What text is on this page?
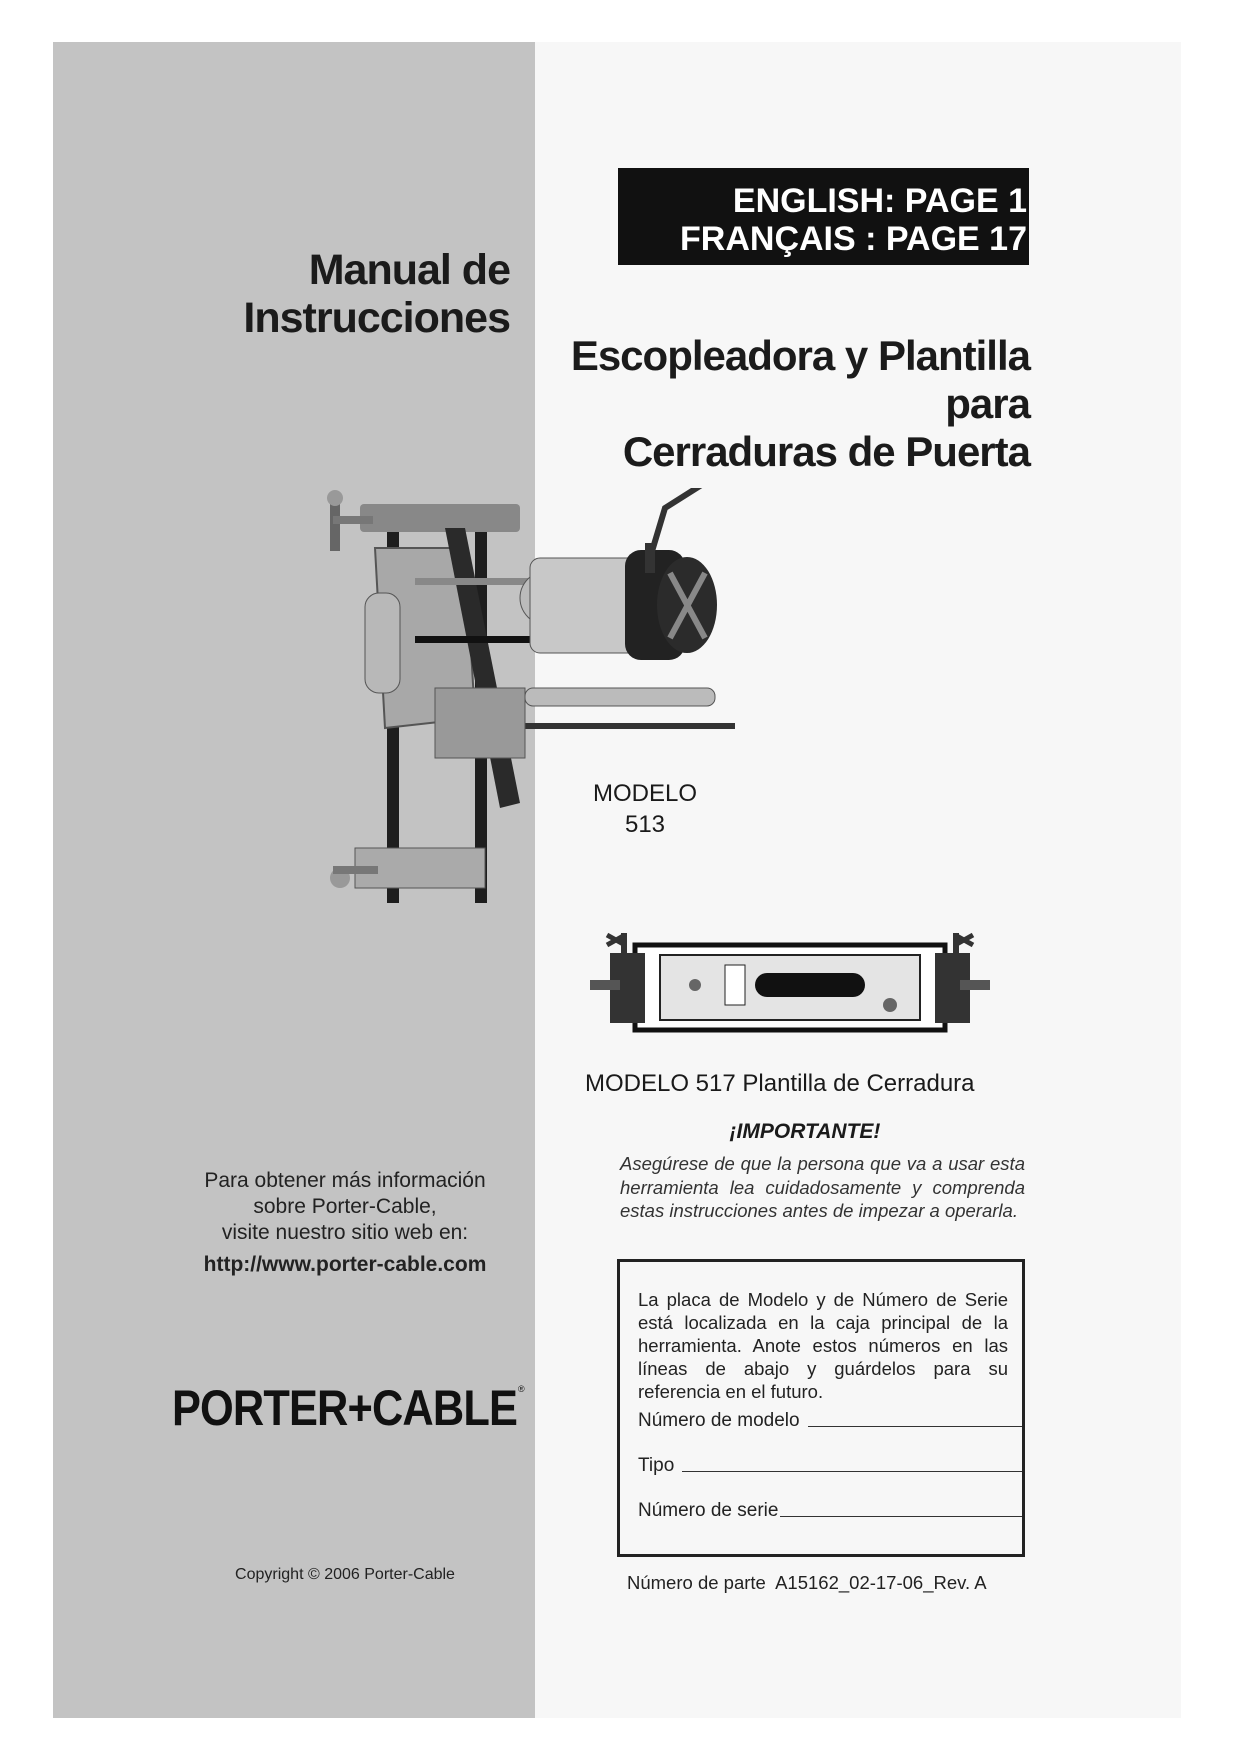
ENGLISH: PAGE 1
FRANÇAIS : PAGE 17
Manual de
Instrucciones
Escopleadora y Plantilla
para
Cerraduras de Puerta
MODELO
513
MODELO 517 Plantilla de Cerradura
¡IMPORTANTE!
Asegúrese de que la persona que va a usar esta herramienta lea cuidadosamente y comprenda estas instrucciones antes de impezar a operarla.
Para obtener más información
sobre Porter-Cable,
visite nuestro sitio web en:
http://www.porter-cable.com
PORTER+CABLE ®
La placa de Modelo y de Número de Serie está localizada en la caja principal de la herramienta. Anote estos números en las líneas de abajo y guárdelos para su referencia en el futuro.
Número de modelo
Tipo
Número de serie
Copyright © 2006 Porter-Cable	Número de parte  A15162_02-17-06_Rev. A
